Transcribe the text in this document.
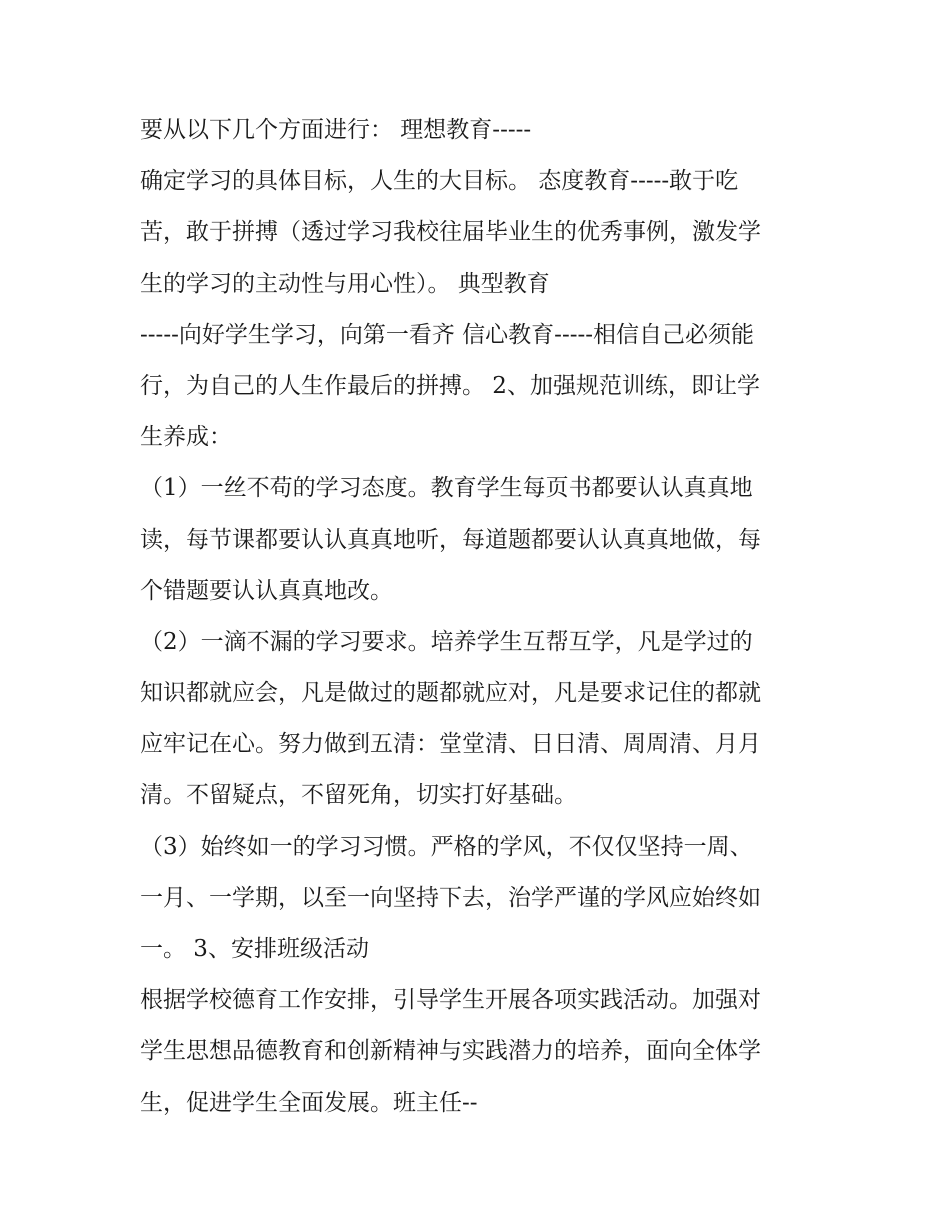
要从以下几个方面进行： 理想教育-----
确定学习的具体目标，人生的大目标。 态度教育-----敢于吃
苦，敢于拼搏（透过学习我校往届毕业生的优秀事例，激发学
生的学习的主动性与用心性）。 典型教育
-----向好学生学习，向第一看齐 信心教育-----相信自己必须能
行，为自己的人生作最后的拼搏。 2、加强规范训练，即让学
生养成：
（1）一丝不苟的学习态度。教育学生每页书都要认认真真地
读，每节课都要认认真真地听，每道题都要认认真真地做，每
个错题要认认真真地改。
（2）一滴不漏的学习要求。培养学生互帮互学，凡是学过的
知识都就应会，凡是做过的题都就应对，凡是要求记住的都就
应牢记在心。努力做到五清：堂堂清、日日清、周周清、月月
清。不留疑点，不留死角，切实打好基础。
（3）始终如一的学习习惯。严格的学风，不仅仅坚持一周、
一月、一学期，以至一向坚持下去，治学严谨的学风应始终如
一。 3、安排班级活动
根据学校德育工作安排，引导学生开展各项实践活动。加强对
学生思想品德教育和创新精神与实践潜力的培养，面向全体学
生，促进学生全面发展。班主任--
